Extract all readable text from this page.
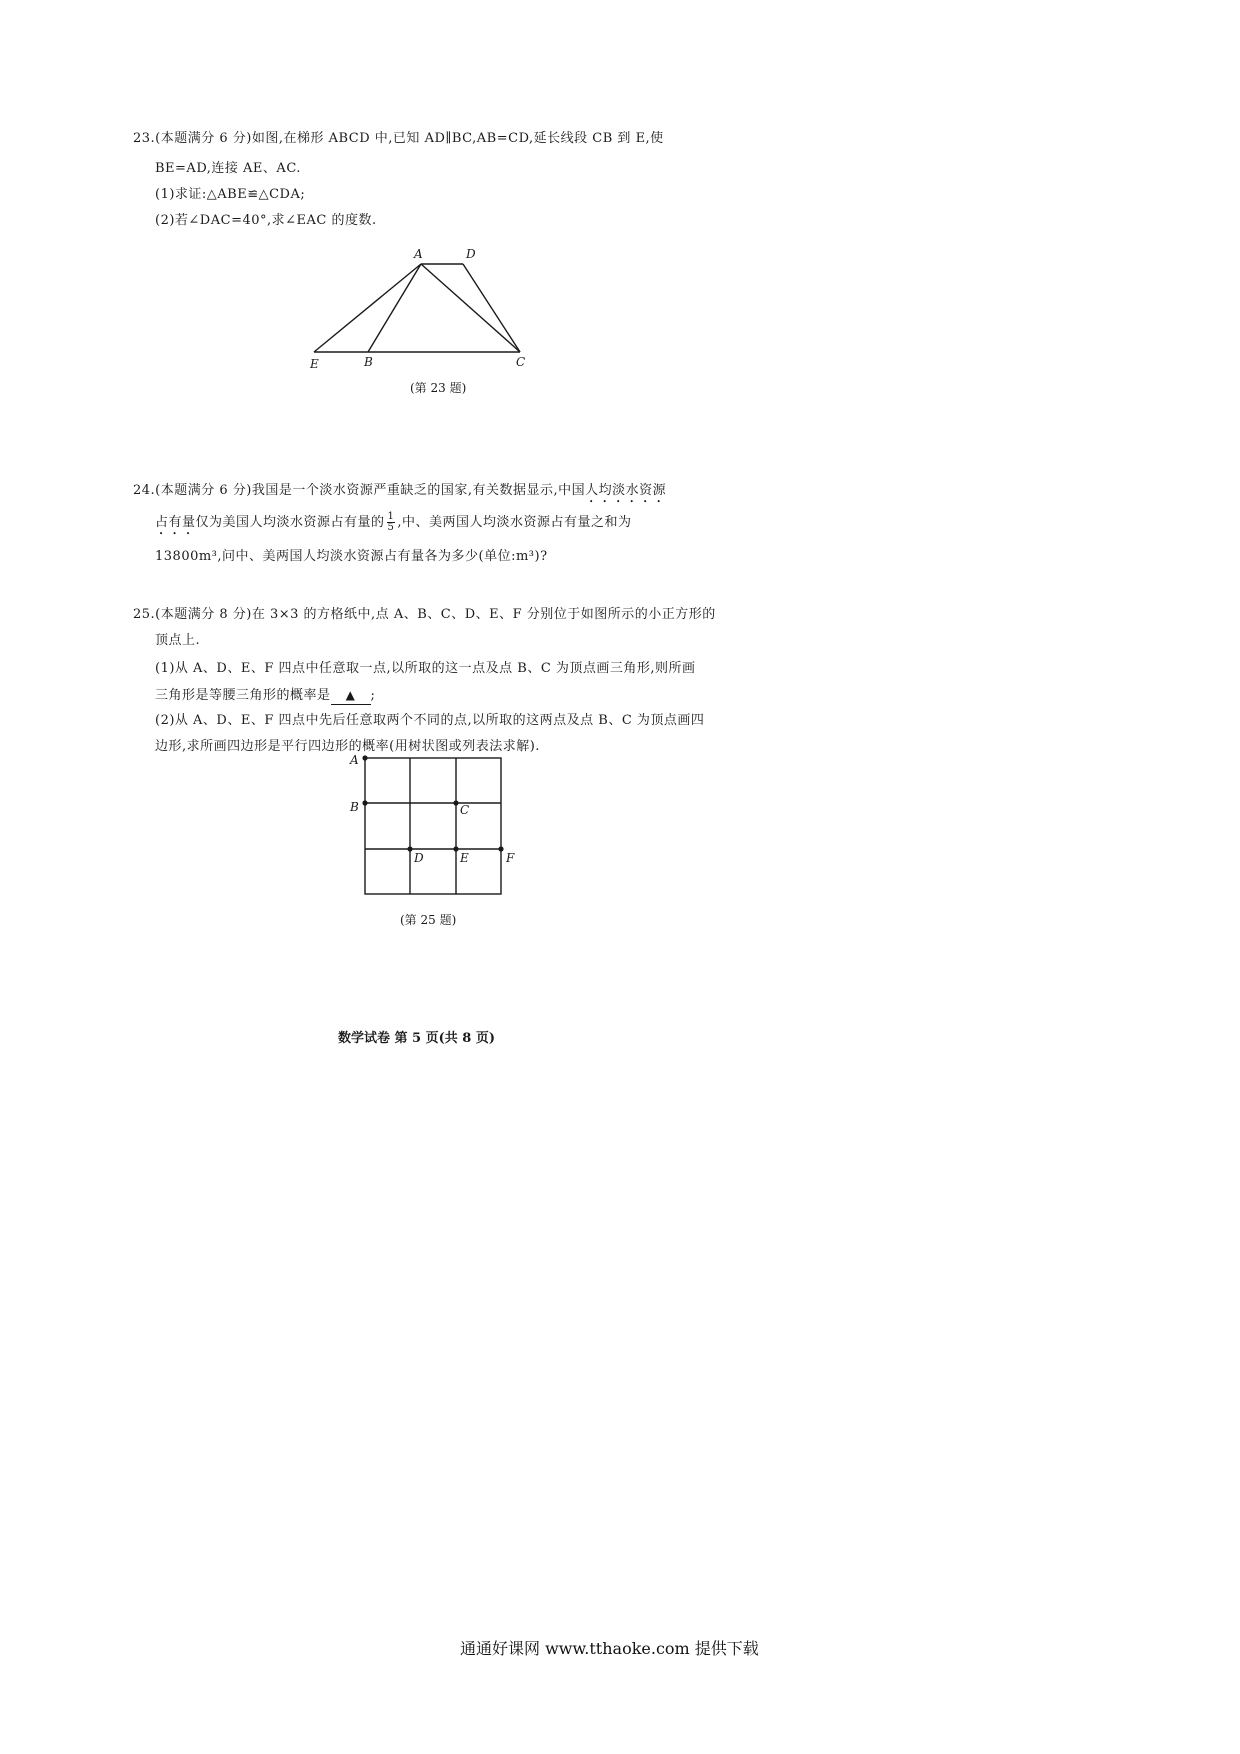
23.(本题满分 6 分)如图,在梯形 ABCD 中,已知 AD∥BC,AB=CD,延长线段 CB 到 E,使
BE=AD,连接 AE、AC.
(1)求证:△ABE≌△CDA;
(2)若∠DAC=40°,求∠EAC 的度数.
A	D
E	B	C
(第 23 题)
24.(本题满分 6 分)我国是一个淡水资源严重缺乏的国家,有关数据显示,中国人均淡水资源
占有量仅为美国人均淡水资源占有量的 $\frac{1}{5}$ ,中、美两国人均淡水资源占有量之和为
13800m³,问中、美两国人均淡水资源占有量各为多少(单位:m³)?
25.(本题满分 8 分)在 3×3 的方格纸中,点 A、B、C、D、E、F 分别位于如图所示的小正方形的
顶点上.
(1)从 A、D、E、F 四点中任意取一点,以所取的这一点及点 B、C 为顶点画三角形,则所画
三角形是等腰三角形的概率是 ▲ ;
(2)从 A、D、E、F 四点中先后任意取两个不同的点,以所取的这两点及点 B、C 为顶点画四
边形,求所画四边形是平行四边形的概率(用树状图或列表法求解).
A
B	C
D	E	F
(第 25 题)
数学试卷 第 5 页(共 8 页)
通通好课网 www.tthaoke.com 提供下载
